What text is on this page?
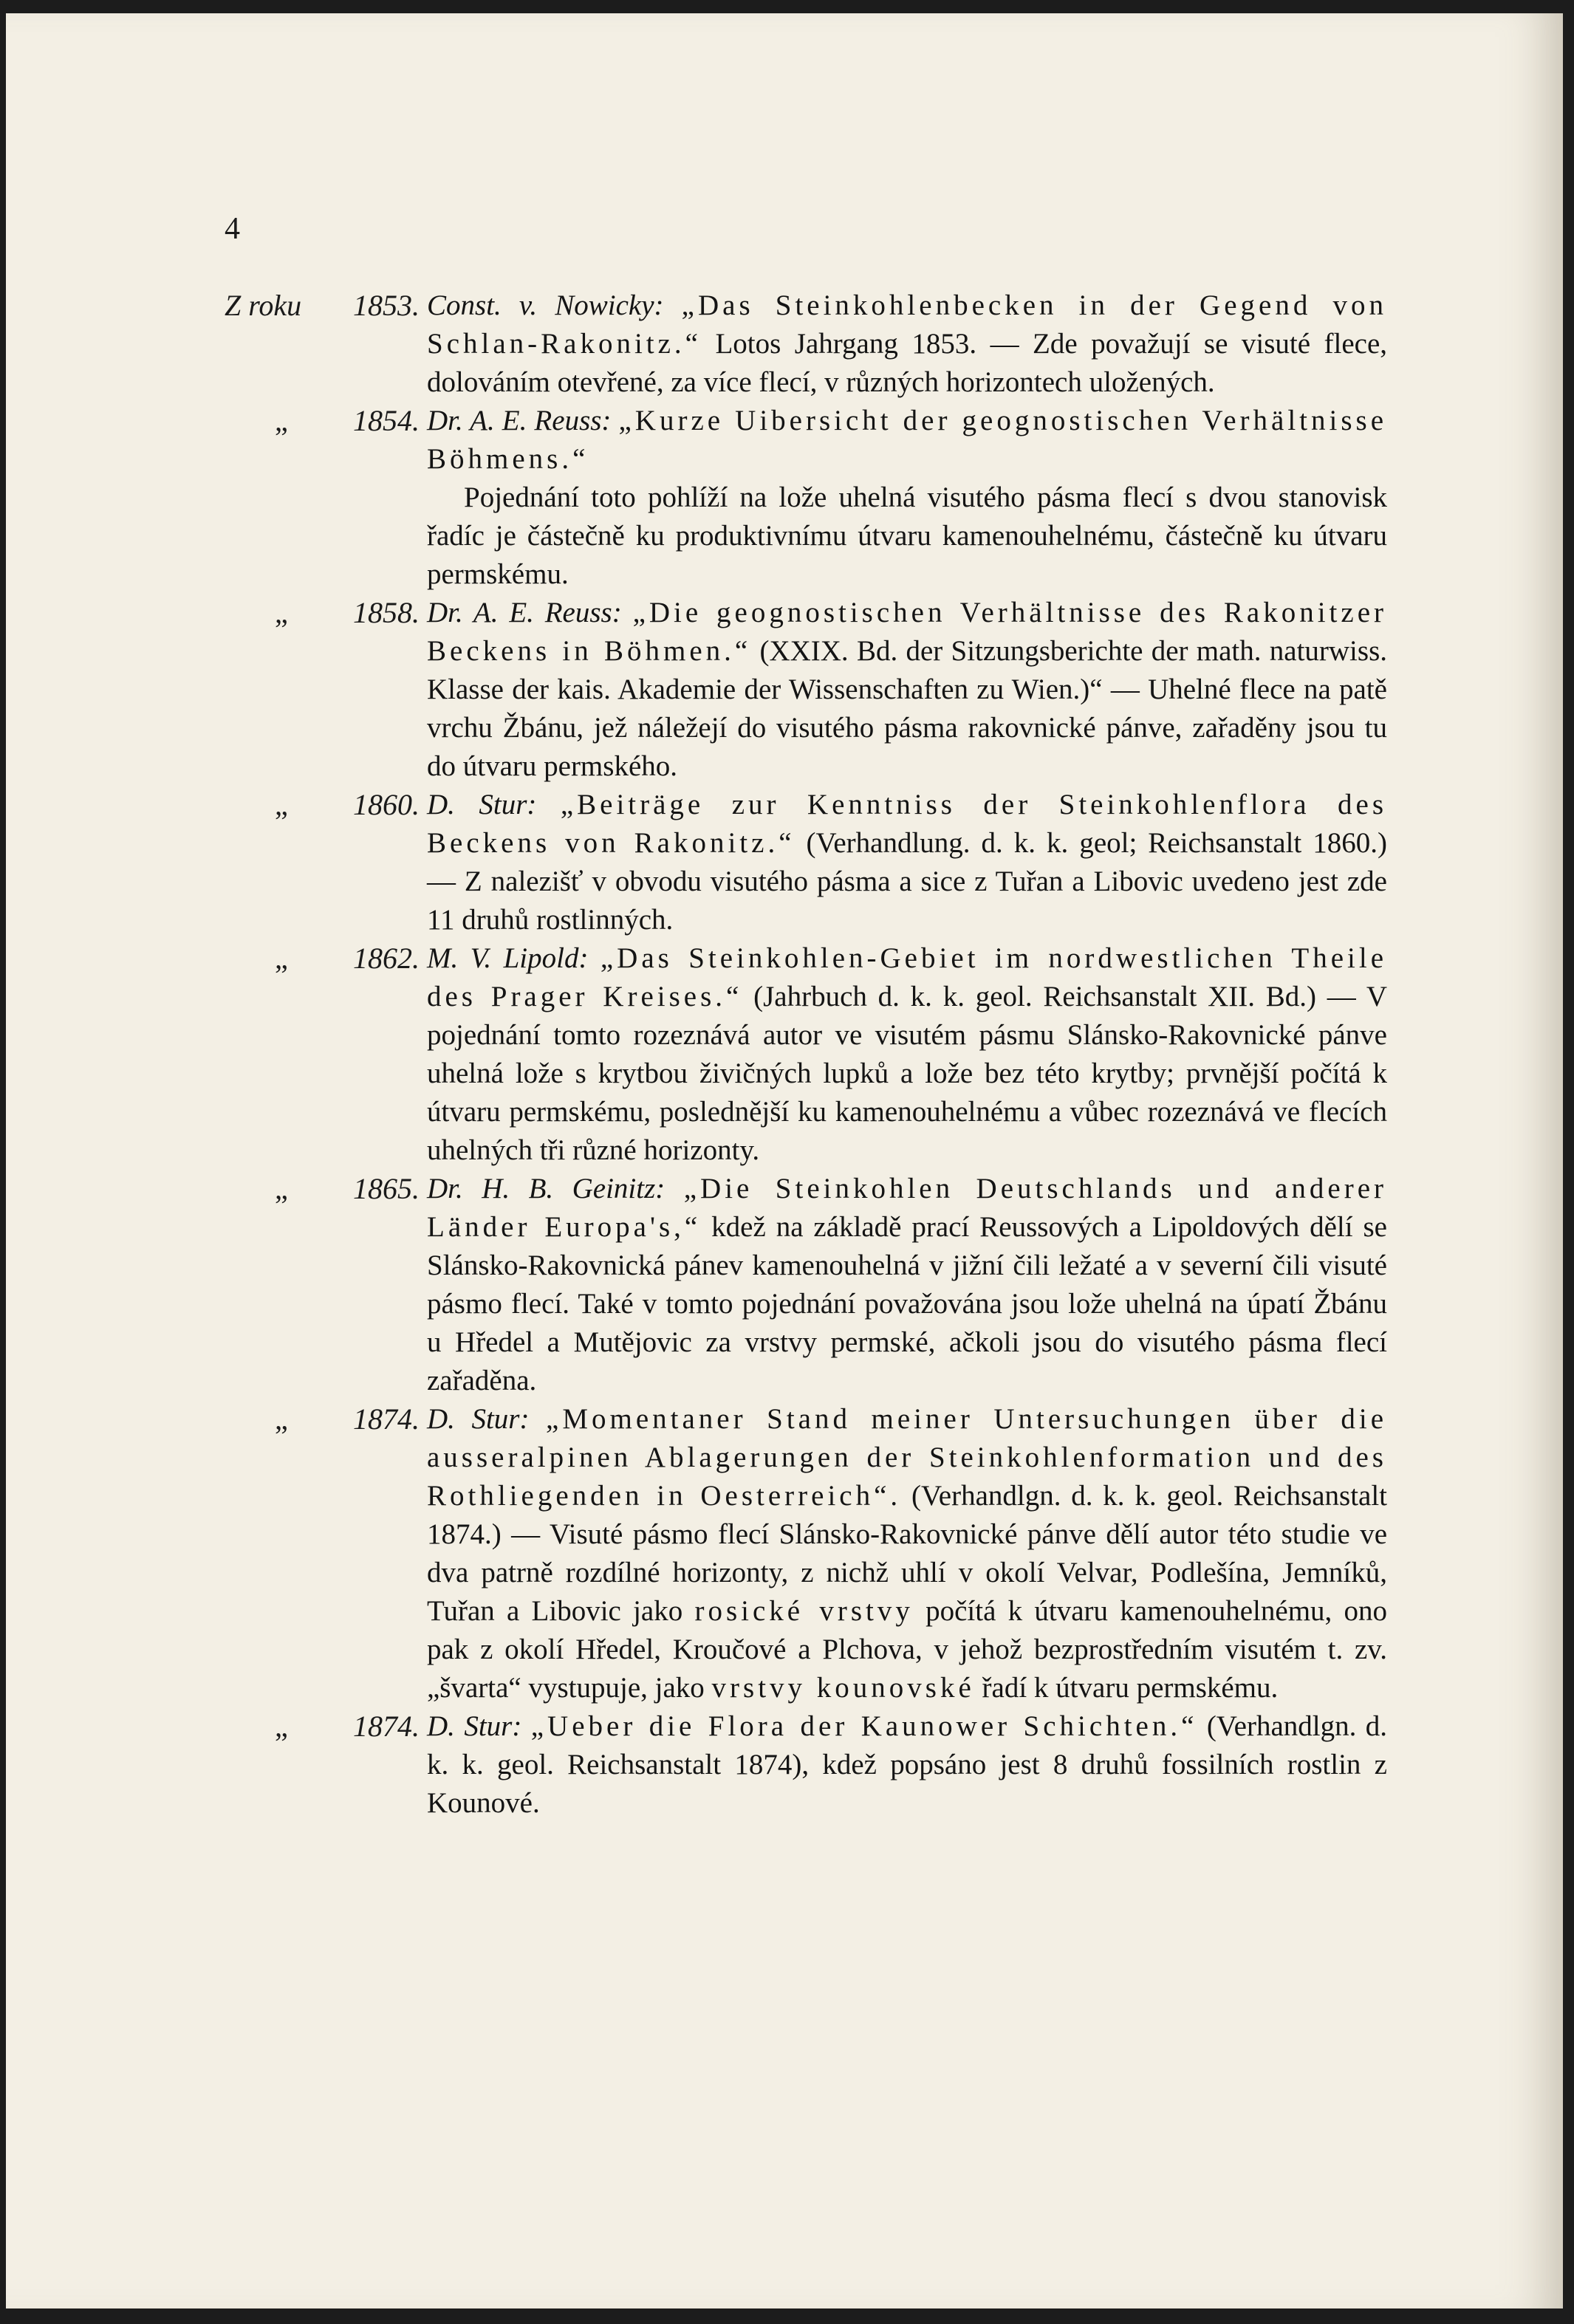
4
Z roku	1853. Const. v. Nowicky: „Das Steinkohlenbecken in der Gegend von Schlan-Rakonitz.“ Lotos Jahrgang 1853. — Zde považují se visuté flece, dolováním otevřené, za více flecí, v různých horizontech uložených.
„	1854. Dr. A. E. Reuss: „Kurze Uibersicht der geognostischen Verhältnisse Böhmens.“
Pojednání toto pohlíží na lože uhelná visutého pásma flecí s dvou stanovisk řadíc je částečně ku produktivnímu útvaru kamenouhelnému, částečně ku útvaru permskému.
„	1858. Dr. A. E. Reuss: „Die geognostischen Verhältnisse des Rakonitzer Beckens in Böhmen.“ (XXIX. Bd. der Sitzungsberichte der math. naturwiss. Klasse der kais. Akademie der Wissenschaften zu Wien.)“ — Uhelné flece na patě vrchu Žbánu, jež náležejí do visutého pásma rakovnické pánve, zařaděny jsou tu do útvaru permského.
„	1860. D. Stur: „Beiträge zur Kenntniss der Steinkohlenflora des Beckens von Rakonitz.“ (Verhandlung. d. k. k. geol; Reichsanstalt 1860.) — Z nalezišť v obvodu visutého pásma a sice z Tuřan a Libovic uvedeno jest zde 11 druhů rostlinných.
„	1862. M. V. Lipold: „Das Steinkohlen-Gebiet im nordwestlichen Theile des Prager Kreises.“ (Jahrbuch d. k. k. geol. Reichsanstalt XII. Bd.) — V pojednání tomto rozeznává autor ve visutém pásmu Slánsko-Rakovnické pánve uhelná lože s krytbou živičných lupků a lože bez této krytby; prvnější počítá k útvaru permskému, poslednější ku kamenouhelnému a vůbec rozeznává ve flecích uhelných tři různé horizonty.
„	1865. Dr. H. B. Geinitz: „Die Steinkohlen Deutschlands und anderer Länder Europa's,“ kdež na základě prací Reussových a Lipoldových dělí se Slánsko-Rakovnická pánev kamenouhelná v jižní čili ležaté a v severní čili visuté pásmo flecí. Také v tomto pojednání považována jsou lože uhelná na úpatí Žbánu u Hředel a Mutějovic za vrstvy permské, ačkoli jsou do visutého pásma flecí zařaděna.
„	1874. D. Stur: „Momentaner Stand meiner Untersuchungen über die ausseralpinen Ablagerungen der Steinkohlenformation und des Rothliegenden in Oesterreich“. (Verhandlgn. d. k. k. geol. Reichsanstalt 1874.) — Visuté pásmo flecí Slánsko-Rakovnické pánve dělí autor této studie ve dva patrně rozdílné horizonty, z nichž uhlí v okolí Velvar, Podlešína, Jemníků, Tuřan a Libovic jako rosické vrstvy počítá k útvaru kamenouhelnému, ono pak z okolí Hředel, Kroučové a Plchova, v jehož bezprostředním visutém t. zv. „švarta“ vystupuje, jako vrstvy kounovské řadí k útvaru permskému.
„	1874. D. Stur: „Ueber die Flora der Kaunower Schichten.“ (Verhandlgn. d. k. k. geol. Reichsanstalt 1874), kdež popsáno jest 8 druhů fossilních rostlin z Kounové.
